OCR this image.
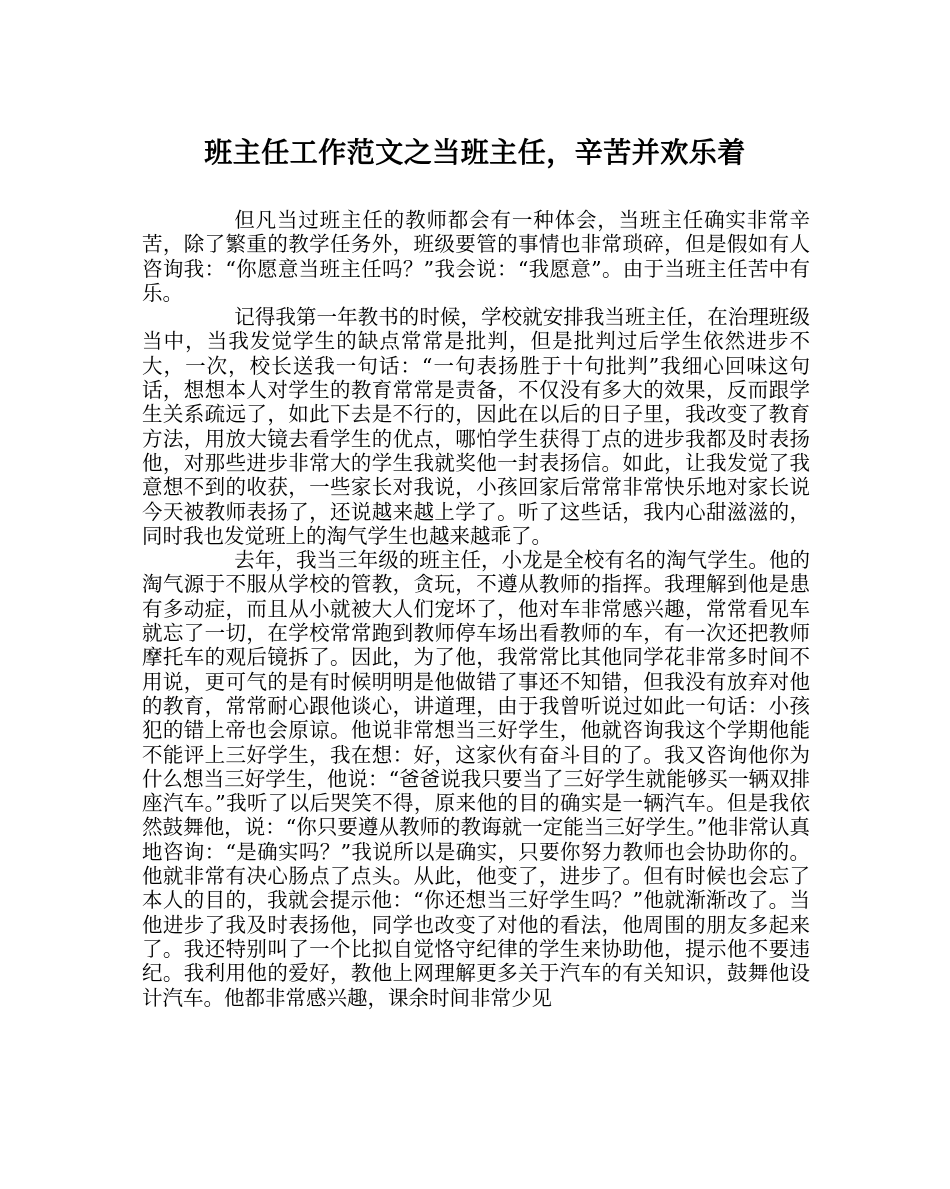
班主任工作范文之当班主任，辛苦并欢乐着

但凡当过班主任的教师都会有一种体会，当班主任确实非常辛苦，除了繁重的教学任务外，班级要管的事情也非常琐碎，但是假如有人咨询我：“你愿意当班主任吗？”我会说：“我愿意”。由于当班主任苦中有乐。

记得我第一年教书的时候，学校就安排我当班主任，在治理班级当中，当我发觉学生的缺点常常是批判，但是批判过后学生依然进步不大，一次，校长送我一句话：“一句表扬胜于十句批判”我细心回味这句话，想想本人对学生的教育常常是责备，不仅没有多大的效果，反而跟学生关系疏远了，如此下去是不行的，因此在以后的日子里，我改变了教育方法，用放大镜去看学生的优点，哪怕学生获得丁点的进步我都及时表扬他，对那些进步非常大的学生我就奖他一封表扬信。如此，让我发觉了我意想不到的收获，一些家长对我说，小孩回家后常常非常快乐地对家长说今天被教师表扬了，还说越来越上学了。听了这些话，我内心甜滋滋的，同时我也发觉班上的淘气学生也越来越乖了。

去年，我当三年级的班主任，小龙是全校有名的淘气学生。他的淘气源于不服从学校的管教，贪玩，不遵从教师的指挥。我理解到他是患有多动症，而且从小就被大人们宠坏了，他对车非常感兴趣，常常看见车就忘了一切，在学校常常跑到教师停车场出看教师的车，有一次还把教师摩托车的观后镜拆了。因此，为了他，我常常比其他同学花非常多时间不用说，更可气的是有时候明明是他做错了事还不知错，但我没有放弃对他的教育，常常耐心跟他谈心，讲道理，由于我曾听说过如此一句话：小孩犯的错上帝也会原谅。他说非常想当三好学生，他就咨询我这个学期他能不能评上三好学生，我在想：好，这家伙有奋斗目的了。我又咨询他你为什么想当三好学生，他说：“爸爸说我只要当了三好学生就能够买一辆双排座汽车。”我听了以后哭笑不得，原来他的目的确实是一辆汽车。但是我依然鼓舞他，说：“你只要遵从教师的教诲就一定能当三好学生。”他非常认真地咨询：“是确实吗？”我说所以是确实，只要你努力教师也会协助你的。他就非常有决心肠点了点头。从此，他变了，进步了。但有时候也会忘了本人的目的，我就会提示他：“你还想当三好学生吗？”他就渐渐改了。当他进步了我及时表扬他，同学也改变了对他的看法，他周围的朋友多起来了。我还特别叫了一个比拟自觉恪守纪律的学生来协助他，提示他不要违纪。我利用他的爱好，教他上网理解更多关于汽车的有关知识，鼓舞他设计汽车。他都非常感兴趣，课余时间非常少见
